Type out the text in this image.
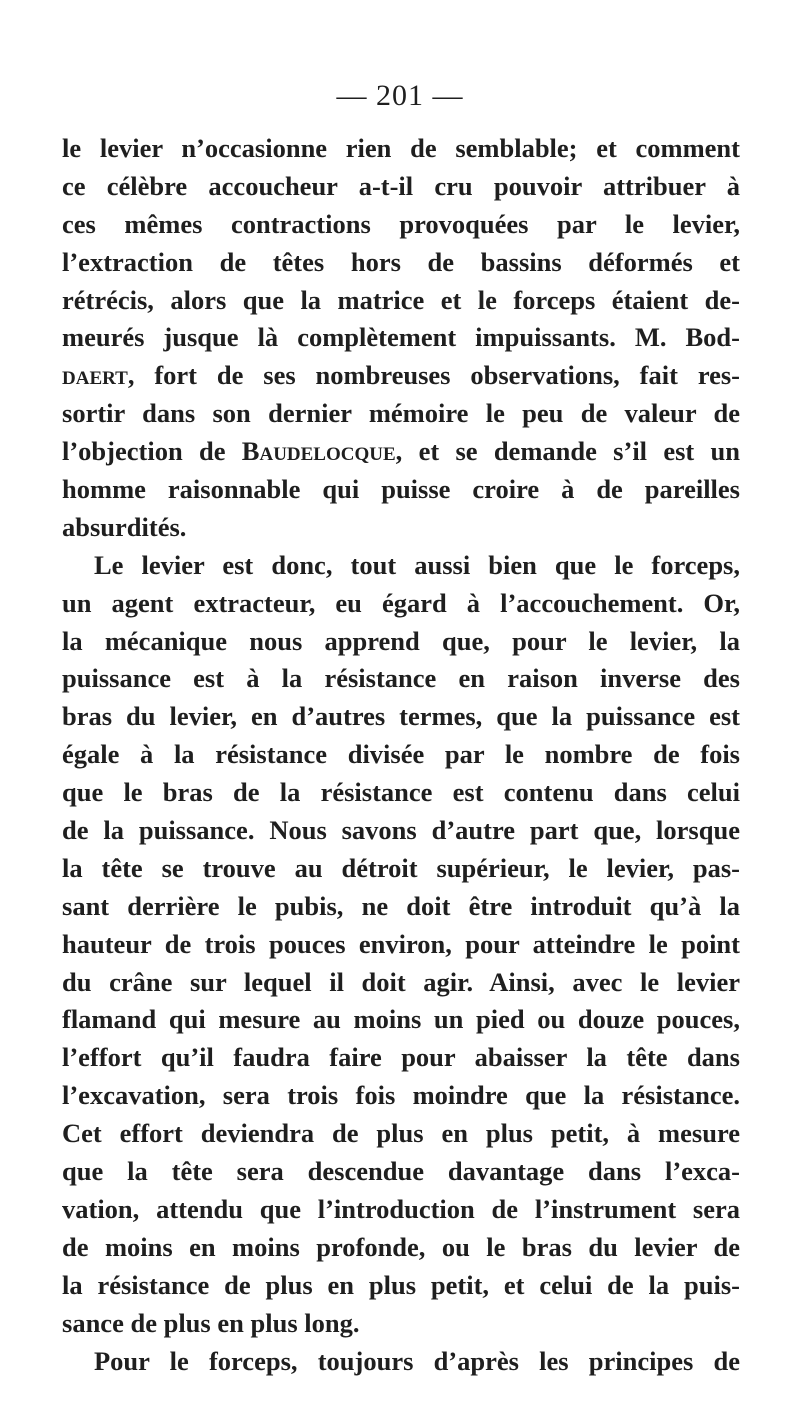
— 201 —
le levier n’occasionne rien de semblable; et comment
ce célèbre accoucheur a-t-il cru pouvoir attribuer à
ces mêmes contractions provoquées par le levier,
l’extraction de têtes hors de bassins déformés et
rétrécis, alors que la matrice et le forceps étaient de-
meurés jusque là complètement impuissants. M. Bod-
daert, fort de ses nombreuses observations, fait res-
sortir dans son dernier mémoire le peu de valeur de
l’objection de Baudelocque, et se demande s’il est un
homme raisonnable qui puisse croire à de pareilles
absurdités.
Le levier est donc, tout aussi bien que le forceps,
un agent extracteur, eu égard à l’accouchement. Or,
la mécanique nous apprend que, pour le levier, la
puissance est à la résistance en raison inverse des
bras du levier, en d’autres termes, que la puissance est
égale à la résistance divisée par le nombre de fois
que le bras de la résistance est contenu dans celui
de la puissance. Nous savons d’autre part que, lorsque
la tête se trouve au détroit supérieur, le levier, pas-
sant derrière le pubis, ne doit être introduit qu’à la
hauteur de trois pouces environ, pour atteindre le point
du crâne sur lequel il doit agir. Ainsi, avec le levier
flamand qui mesure au moins un pied ou douze pouces,
l’effort qu’il faudra faire pour abaisser la tête dans
l’excavation, sera trois fois moindre que la résistance.
Cet effort deviendra de plus en plus petit, à mesure
que la tête sera descendue davantage dans l’exca-
vation, attendu que l’introduction de l’instrument sera
de moins en moins profonde, ou le bras du levier de
la résistance de plus en plus petit, et celui de la puis-
sance de plus en plus long.
Pour le forceps, toujours d’après les principes de
